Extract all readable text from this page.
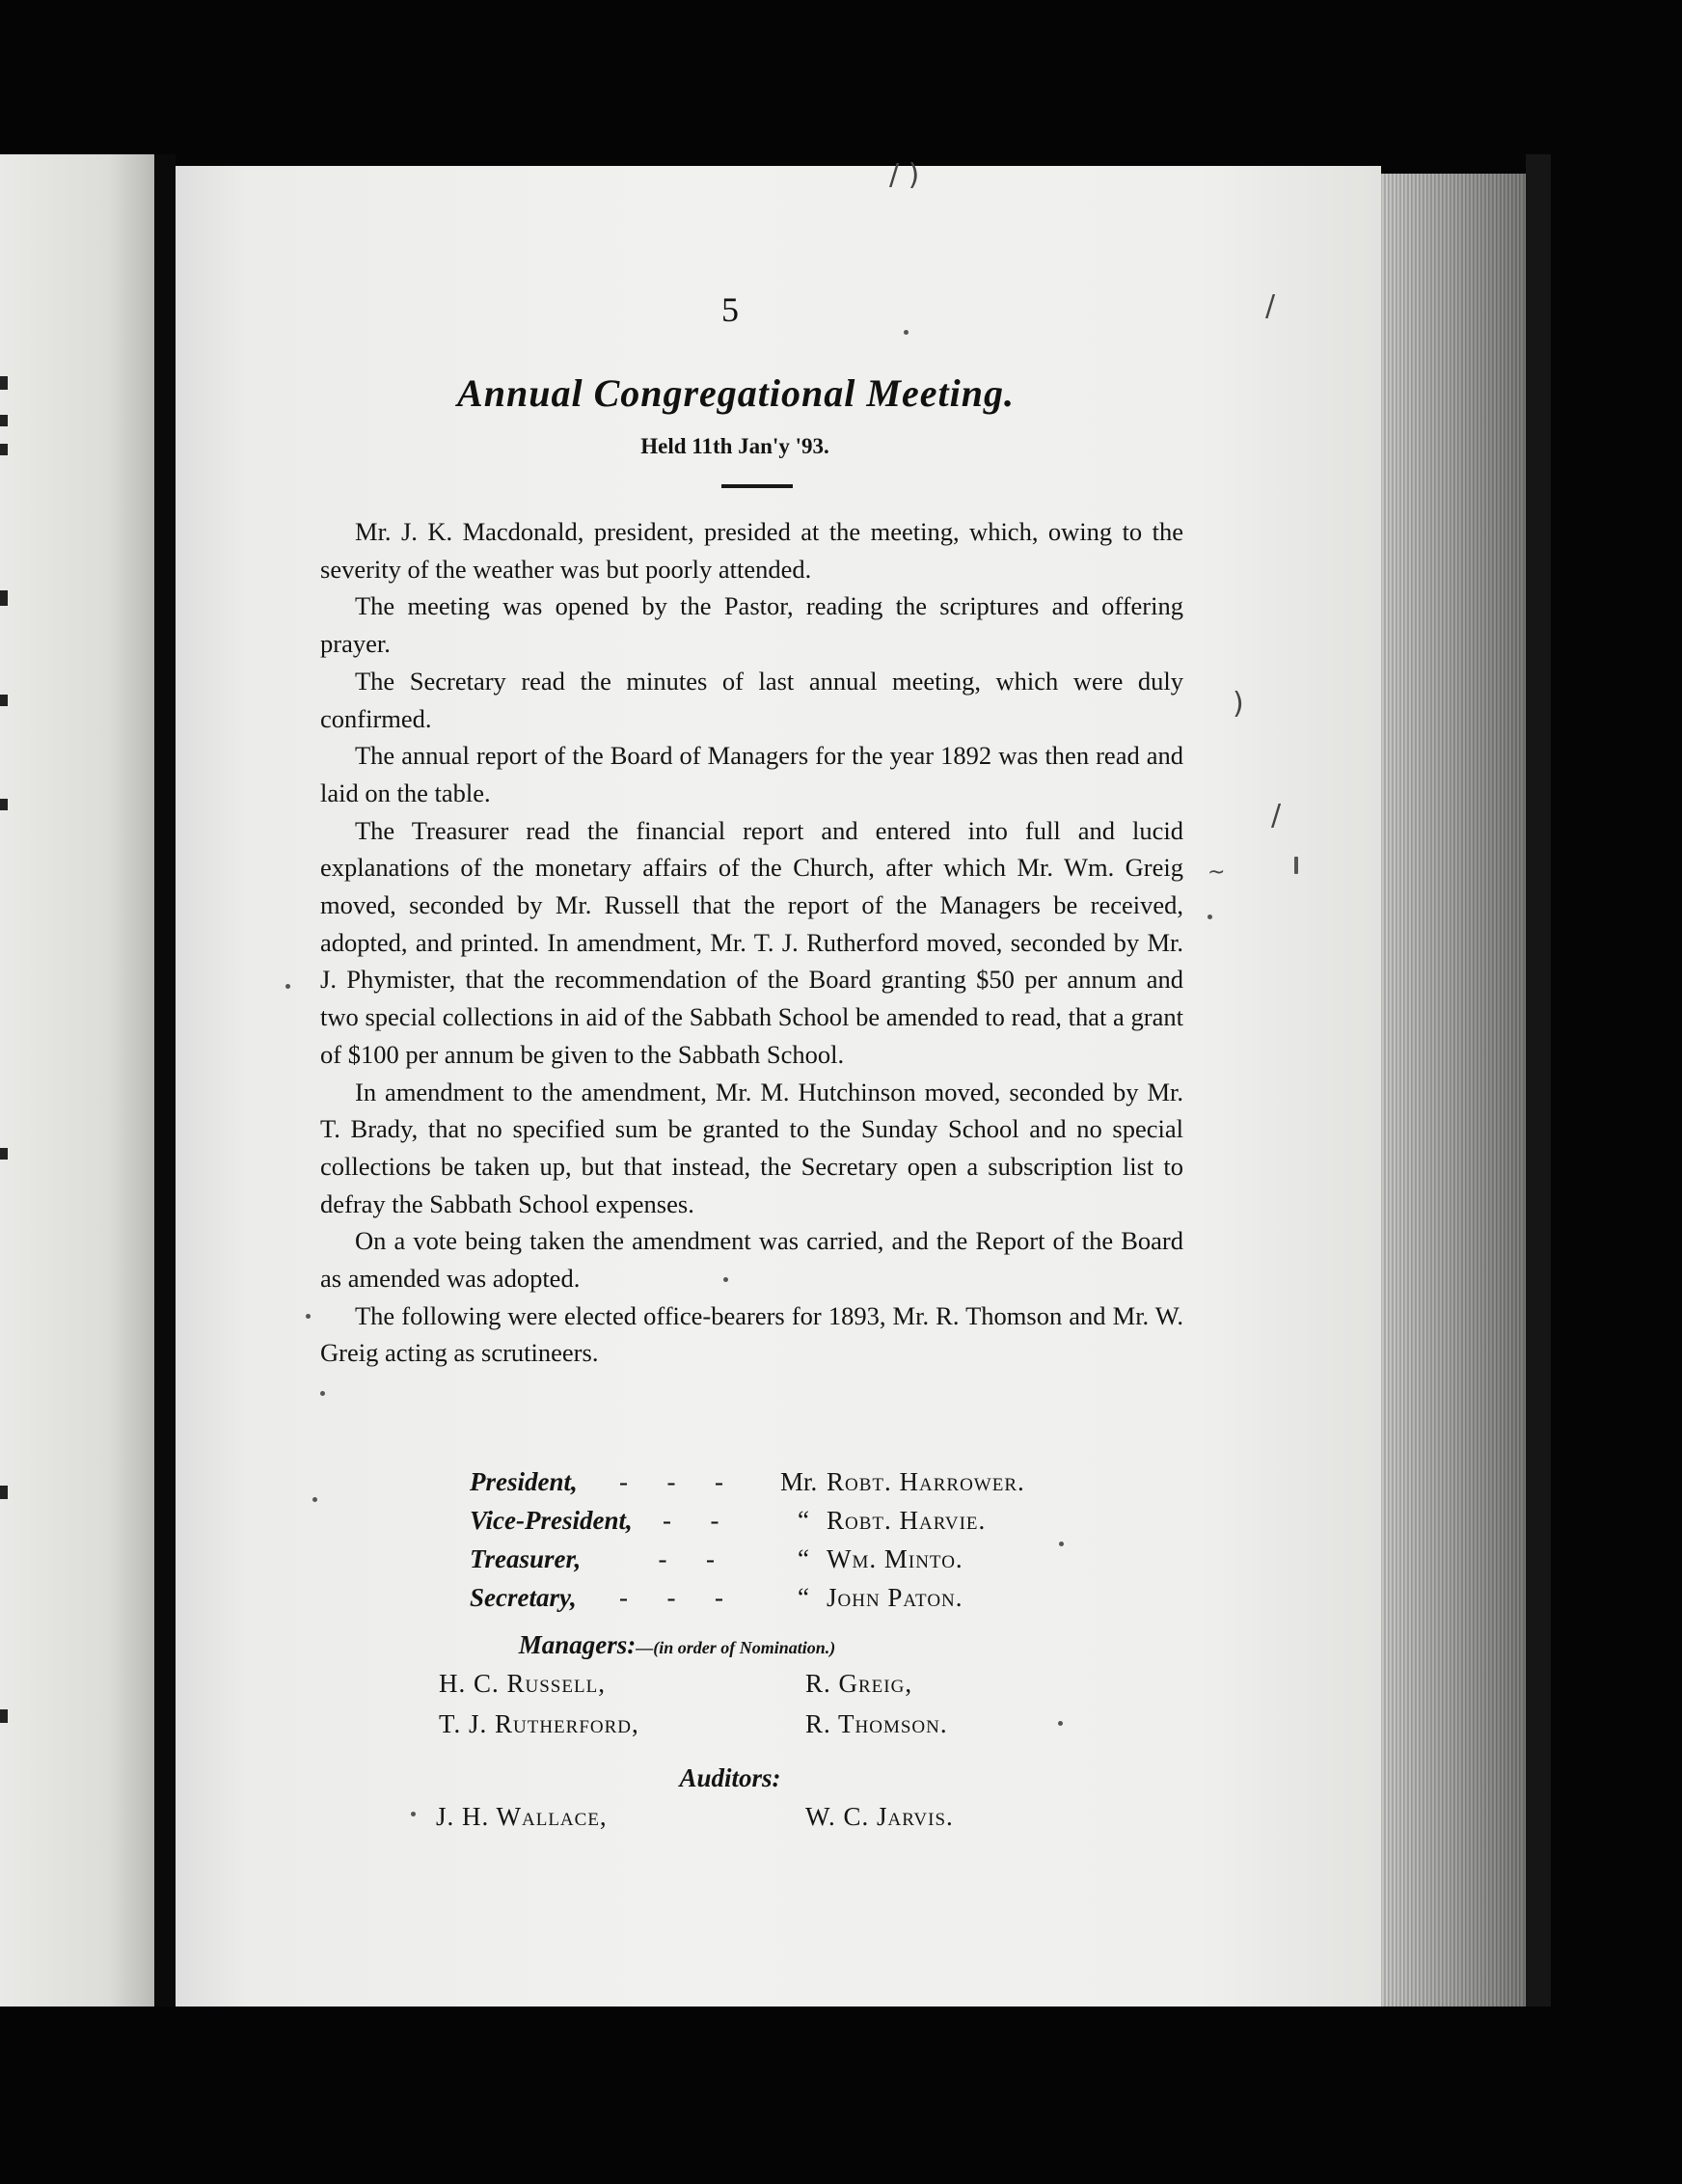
5
Annual Congregational Meeting.
Held 11th Jan'y '93.

Mr. J. K. Macdonald, president, presided at the meeting, which, owing to the severity of the weather was but poorly attended.

The meeting was opened by the Pastor, reading the scriptures and offering prayer.

The Secretary read the minutes of last annual meeting, which were duly confirmed.

The annual report of the Board of Managers for the year 1892 was then read and laid on the table.

The Treasurer read the financial report and entered into full and lucid explanations of the monetary affairs of the Church, after which Mr. Wm. Greig moved, seconded by Mr. Russell that the report of the Managers be received, adopted, and printed. In amendment, Mr. T. J. Rutherford moved, seconded by Mr. J. Phymister, that the recommendation of the Board granting $50 per annum and two special collections in aid of the Sabbath School be amended to read, that a grant of $100 per annum be given to the Sabbath School.

In amendment to the amendment, Mr. M. Hutchinson moved, seconded by Mr. T. Brady, that no specified sum be granted to the Sunday School and no special collections be taken up, but that instead, the Secretary open a subscription list to defray the Sabbath School expenses.

On a vote being taken the amendment was carried, and the Report of the Board as amended was adopted.

The following were elected office-bearers for 1893, Mr. R. Thomson and Mr. W. Greig acting as scrutineers.

President, -      -      - Mr. Robt. Harrower.
Vice-President, -      -	“ Robt. Harvie.
Treasurer, -      -	“ Wm. Minto.
Secretary, -      -      -	“ John Paton.
Managers:—(in order of Nomination.)
H. C. Russell,	R. Greig,
T. J. Rutherford,	R. Thomson.
Auditors:
J. H. Wallace,	W. C. Jarvis.
/ )
/
)
/
~
